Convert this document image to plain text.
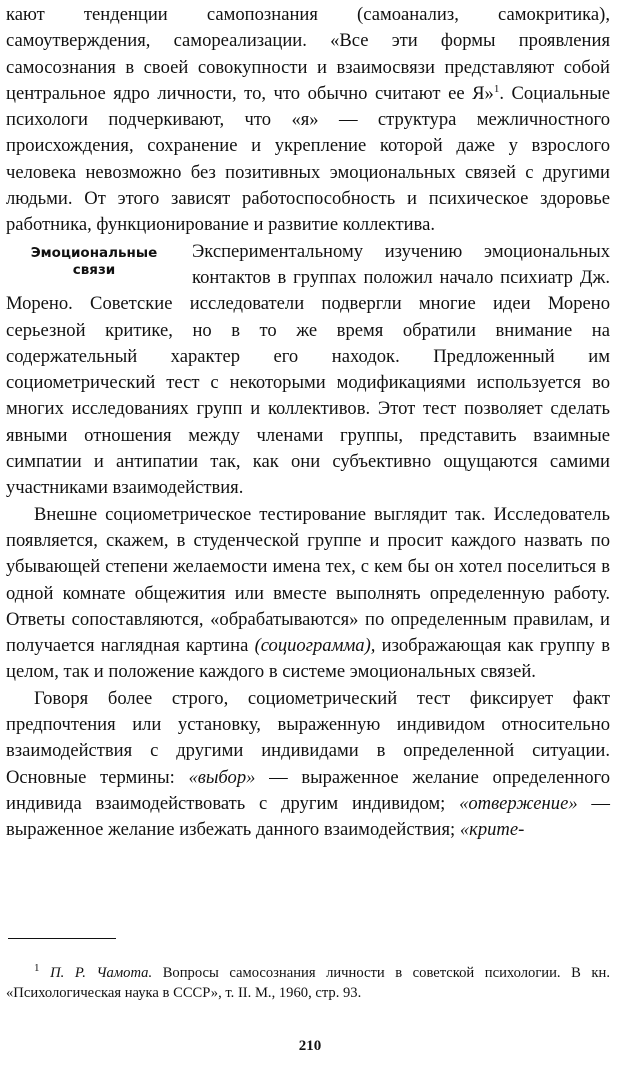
кают тенденции самопознания (самоанализ, самокритика), самоутверждения, самореализации. «Все эти формы проявления самосознания в своей совокупности и взаимосвязи представляют собой центральное ядро личности, то, что обычно считают ее Я»$^1$. Социальные психологи подчеркивают, что «я» — структура межличностного происхождения, сохранение и укрепление которой даже у взрослого человека невозможно без позитивных эмоциональных связей с другими людьми. От этого зависят работоспособность и психическое здоровье работника, функционирование и развитие коллектива.

Эмоциональные
связи

Экспериментальному изучению эмоциональных контактов в группах положил начало психиатр Дж. Морено. Советские исследователи подвергли многие идеи Морено серьезной критике, но в то же время обратили внимание на содержательный характер его находок. Предложенный им социометрический тест с некоторыми модификациями используется во многих исследованиях групп и коллективов. Этот тест позволяет сделать явными отношения между членами группы, представить взаимные симпатии и антипатии так, как они субъективно ощущаются самими участниками взаимодействия.

Внешне социометрическое тестирование выглядит так. Исследователь появляется, скажем, в студенческой группе и просит каждого назвать по убывающей степени желаемости имена тех, с кем бы он хотел поселиться в одной комнате общежития или вместе выполнять определенную работу. Ответы сопоставляются, «обрабатываются» по определенным правилам, и получается наглядная картина (социограмма), изображающая как группу в целом, так и положение каждого в системе эмоциональных связей.

Говоря более строго, социометрический тест фиксирует факт предпочтения или установку, выраженную индивидом относительно взаимодействия с другими индивидами в определенной ситуации. Основные термины: «выбор» — выраженное желание определенного индивида взаимодействовать с другим индивидом; «отвержение» — выраженное желание избежать данного взаимодействия; «крите-

$^1$ П. Р. Чамота. Вопросы самосознания личности в советской психологии. В кн. «Психологическая наука в СССР», т. II. М., 1960, стр. 93.

210
